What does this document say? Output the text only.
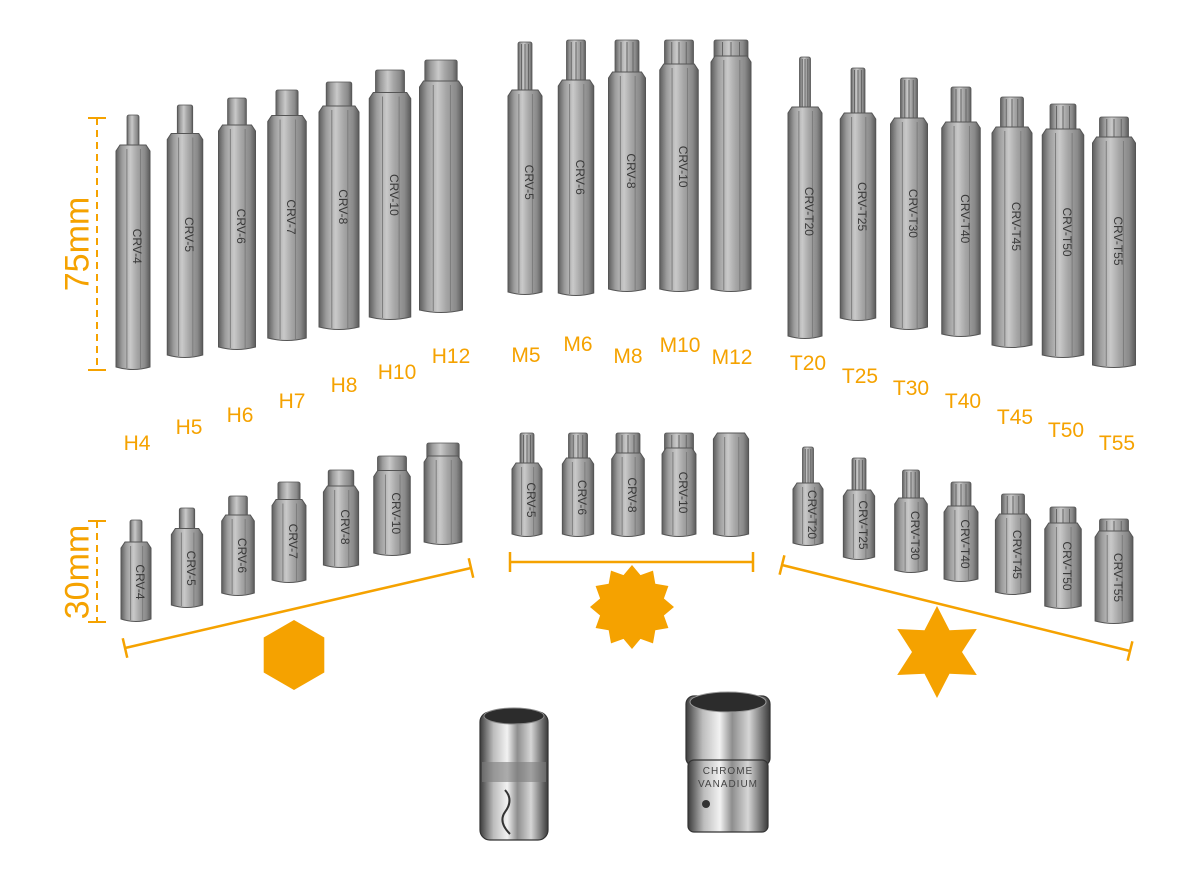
CRV-4	CRV-5	CRV-6	CRV-7	CRV-8	CRV-10	CRV-5	CRV-6	CRV-8	CRV-10
CRV-T20	CRV-T25	CRV-T30	CRV-T40	CRV-T45	CRV-T50	CRV-T55
CRV-4	CRV-5	CRV-6	CRV-7	CRV-8	CRV-10	CRV-5	CRV-6	CRV-8	CRV-10	CRV-T20	CRV-T25	CRV-T30	CRV-T40	CRV-T45	CRV-T50	CRV-T55
CHROME
VANADIUM
75mm
30mm
H4
H5
H6
H7
H8
H10
H12 M5 M6
M8 M10
M12 T20
T25
T30
T40
T45
T50
T55
